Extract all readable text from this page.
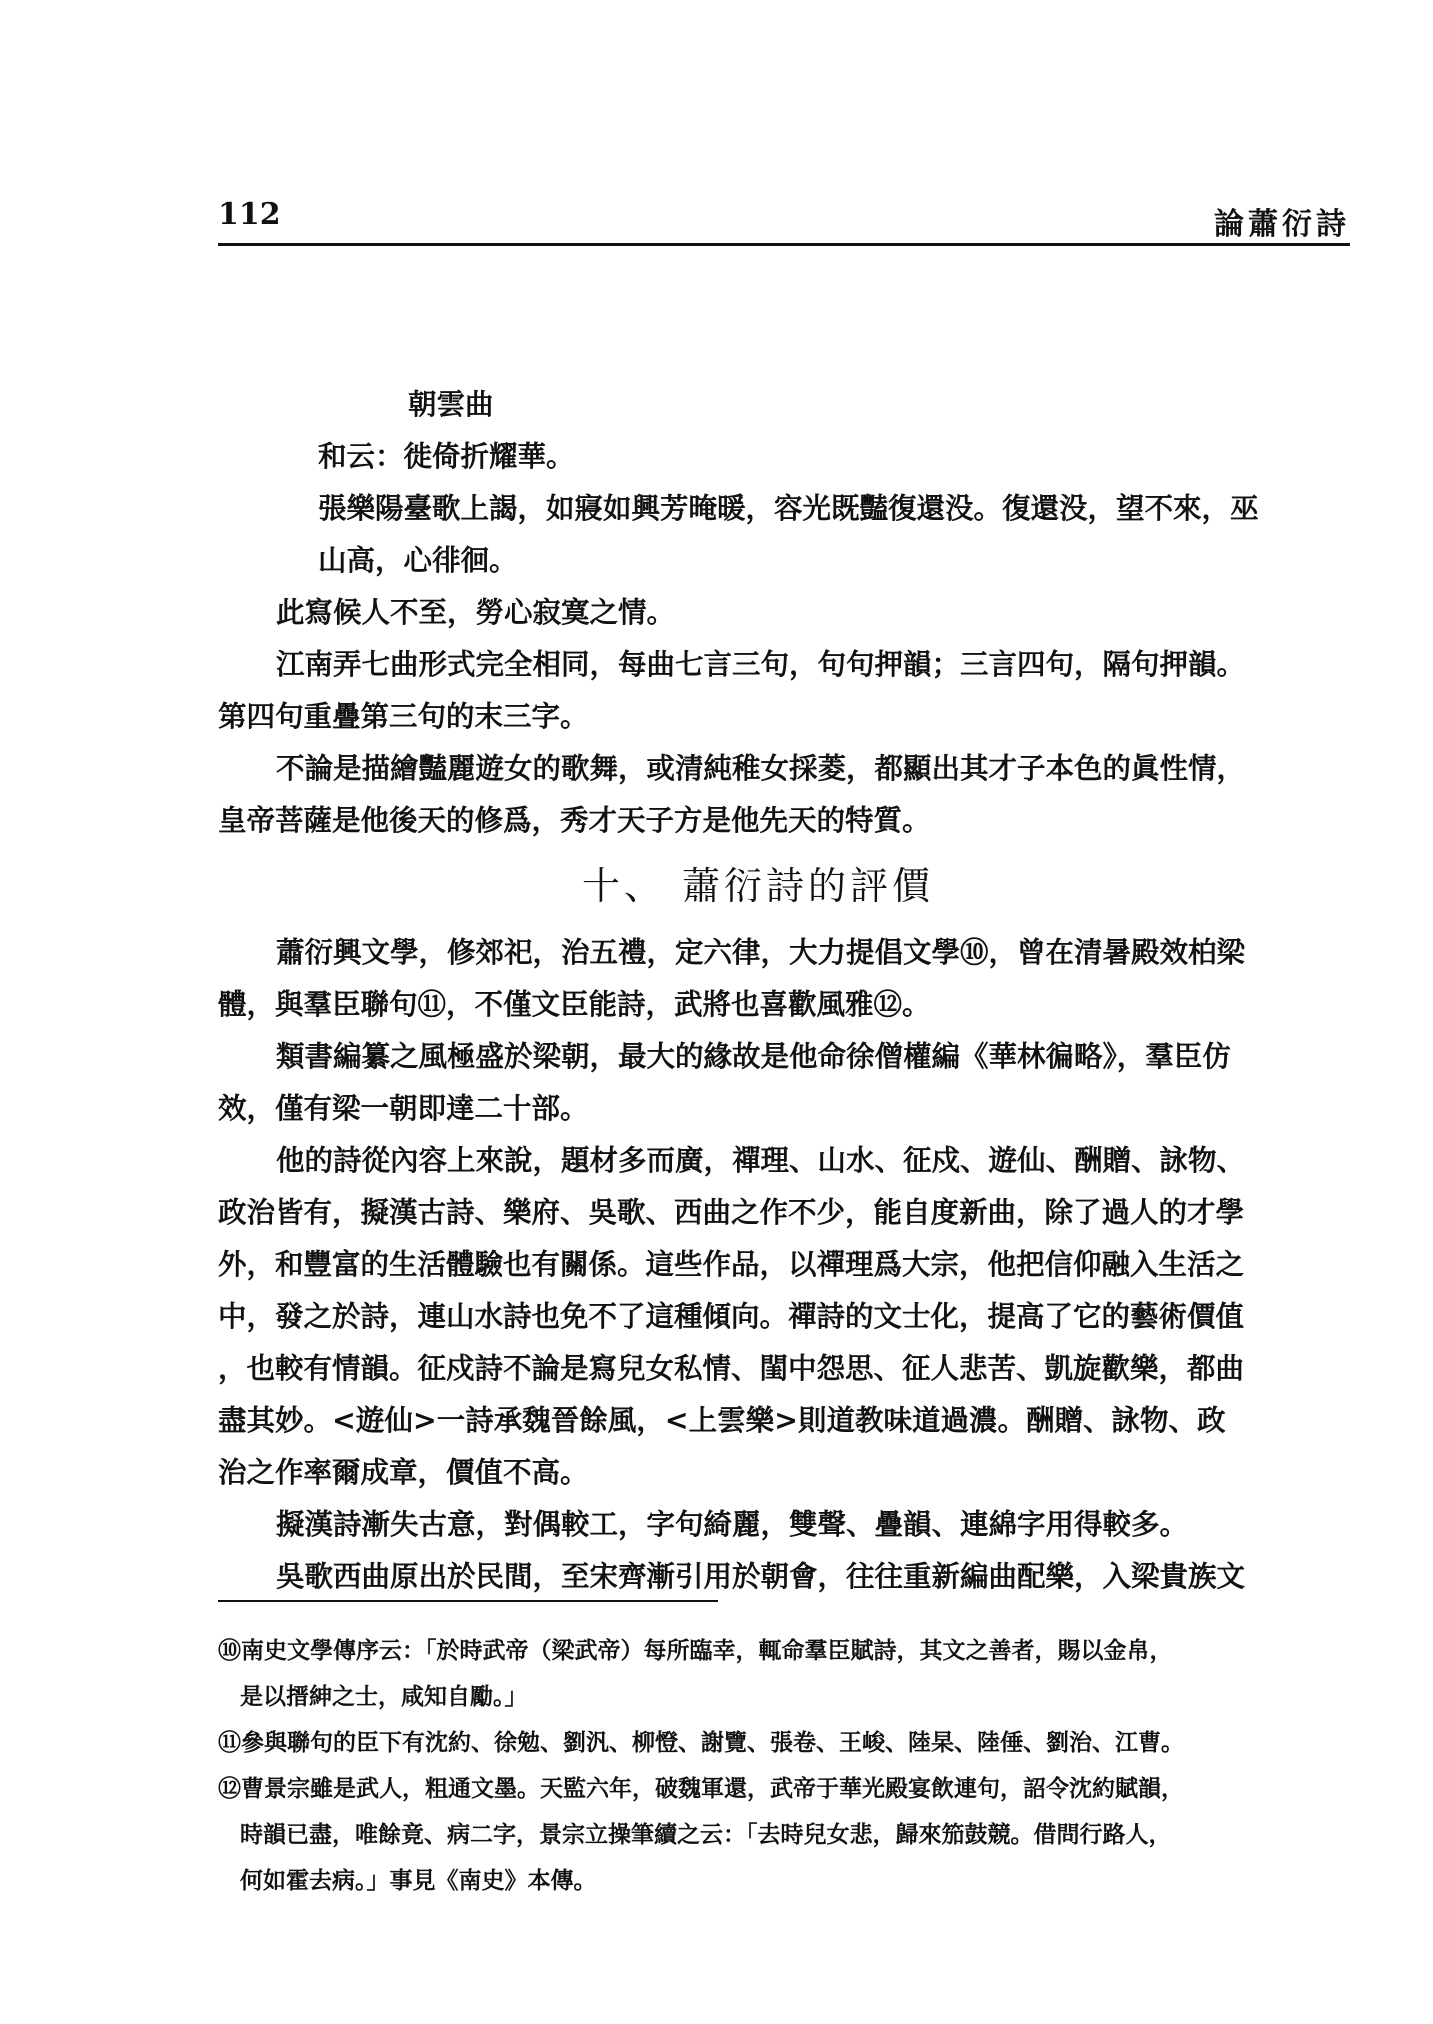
112	論蕭衍詩
朝雲曲
和云：徙倚折耀華。
張樂陽臺歌上謁，如寢如興芳晻暖，容光既豔復還没。復還没，望不來，巫
山高，心徘徊。
此寫候人不至，勞心寂寞之情。
江南弄七曲形式完全相同，每曲七言三句，句句押韻；三言四句，隔句押韻。
第四句重疊第三句的末三字。
不論是描繪豔麗遊女的歌舞，或清純稚女採菱，都顯出其才子本色的眞性情，
皇帝菩薩是他後天的修爲，秀才天子方是他先天的特質。
十、 蕭衍詩的評價
蕭衍興文學，修郊祀，治五禮，定六律，大力提倡文學⑩，曾在清暑殿效柏梁
體，與羣臣聯句⑪，不僅文臣能詩，武將也喜歡風雅⑫。
類書編纂之風極盛於梁朝，最大的緣故是他命徐僧權編《華林徧略》，羣臣仿
效，僅有梁一朝即達二十部。
他的詩從內容上來說，題材多而廣，禪理、山水、征戍、遊仙、酬贈、詠物、
政治皆有，擬漢古詩、樂府、吳歌、西曲之作不少，能自度新曲，除了過人的才學
外，和豐富的生活體驗也有關係。這些作品，以禪理爲大宗，他把信仰融入生活之
中，發之於詩，連山水詩也免不了這種傾向。禪詩的文士化，提高了它的藝術價值
，也較有情韻。征戍詩不論是寫兒女私情、閨中怨思、征人悲苦、凱旋歡樂，都曲
盡其妙。<遊仙>一詩承魏晉餘風，<上雲樂>則道教味道過濃。酬贈、詠物、政
治之作率爾成章，價值不高。
擬漢詩漸失古意，對偶較工，字句綺麗，雙聲、疊韻、連綿字用得較多。
吳歌西曲原出於民間，至宋齊漸引用於朝會，往往重新編曲配樂，入梁貴族文
⑩南史文學傳序云：「於時武帝（梁武帝）每所臨幸，輒命羣臣賦詩，其文之善者，賜以金帛，
是以搢紳之士，咸知自勵。」
⑪參與聯句的臣下有沈約、徐勉、劉汎、柳憕、謝覽、張卷、王峻、陸杲、陸倕、劉治、江曹。
⑫曹景宗雖是武人，粗通文墨。天監六年，破魏軍還，武帝于華光殿宴飲連句，詔令沈約賦韻，
時韻已盡，唯餘竟、病二字，景宗立操筆續之云：「去時兒女悲，歸來笳鼓競。借問行路人，
何如霍去病。」事見《南史》本傳。
